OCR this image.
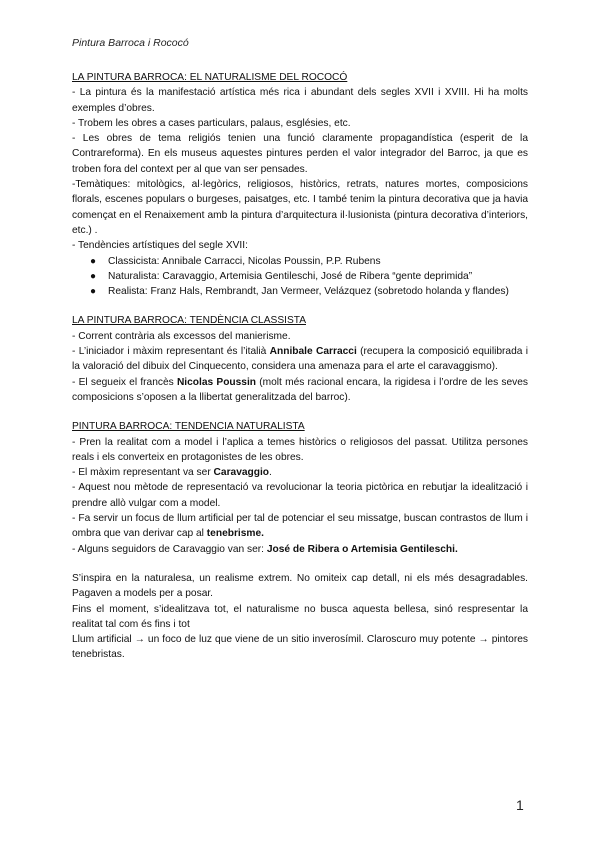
Pintura Barroca i Rococó

LA PINTURA BARROCA: EL NATURALISME DEL ROCOCÓ

- La pintura és la manifestació artística més rica i abundant dels segles XVII i XVIII. Hi ha molts exemples d’obres.

- Trobem les obres a cases particulars, palaus, esglésies, etc.

- Les obres de tema religiós tenien una funció claramente propagandística (esperit de la Contrareforma). En els museus aquestes pintures perden el valor integrador del Barroc, ja que es troben fora del context per al que van ser pensades.

-Temàtiques: mitològics, al·legòrics, religiosos, històrics, retrats, natures mortes, composicions florals, escenes populars o burgeses, paisatges, etc. I també tenim la pintura decorativa que ja havia començat en el Renaixement amb la pintura d’arquitectura il·lusionista (pintura decorativa d’interiors, etc.) .

- Tendències artístiques del segle XVII:

● Classicista: Annibale Carracci, Nicolas Poussin, P.P. Rubens
● Naturalista: Caravaggio, Artemisia Gentileschi, José de Ribera “gente deprimida”
● Realista: Franz Hals, Rembrandt, Jan Vermeer, Velázquez (sobretodo holanda y flandes)

LA PINTURA BARROCA: TENDÈNCIA CLASSISTA

- Corrent contrària als excessos del manierisme.

- L’iniciador i màxim representant és l’italià Annibale Carracci (recupera la composició equilibrada i la valoració del dibuix del Cinquecento, considera una amenaza para el arte el caravaggismo).

- El segueix el francès Nicolas Poussin (molt més racional encara, la rigidesa i l’ordre de les seves composicions s’oposen a la llibertat generalitzada del barroc).

PINTURA BARROCA: TENDENCIA NATURALISTA

- Pren la realitat com a model i l’aplica a temes històrics o religiosos del passat. Utilitza persones reals i els converteix en protagonistes de les obres.

- El màxim representant va ser Caravaggio.

- Aquest nou mètode de representació va revolucionar la teoria pictòrica en rebutjar la idealització i prendre allò vulgar com a model.

- Fa servir un focus de llum artificial per tal de potenciar el seu missatge, buscan contrastos de llum i ombra que van derivar cap al tenebrisme.

- Alguns seguidors de Caravaggio van ser: José de Ribera o Artemisia Gentileschi.

S’inspira en la naturalesa, un realisme extrem. No omiteix cap detall, ni els més desagradables. Pagaven a models per a posar.

Fins el moment, s’idealitzava tot, el naturalisme no busca aquesta bellesa, sinó respresentar la realitat tal com és fins i tot

Llum artificial → un foco de luz que viene de un sitio inverosímil. Claroscuro muy potente → pintores tenebristas.

1
